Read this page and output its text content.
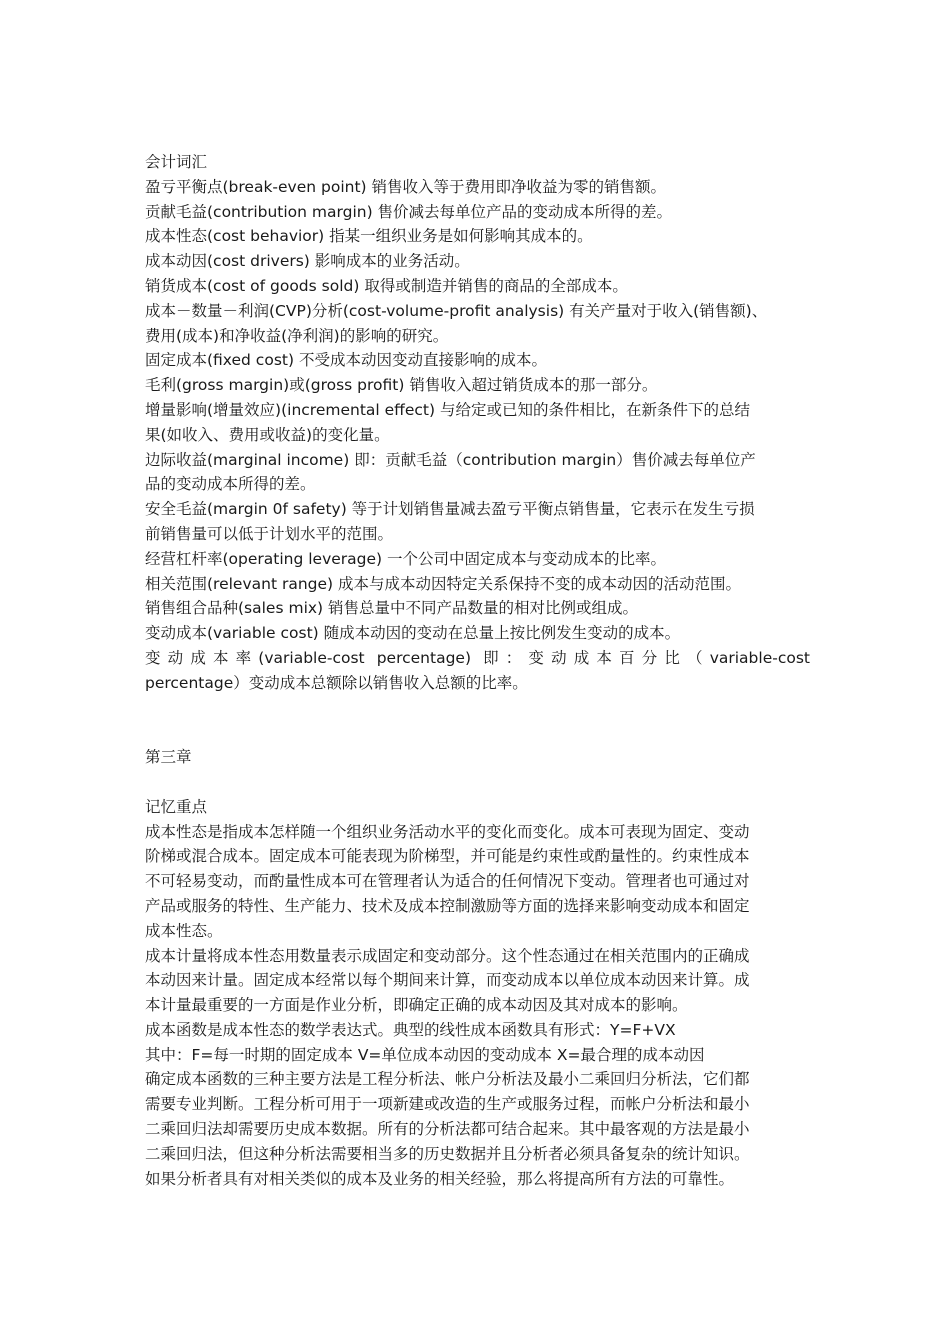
会计词汇
盈亏平衡点(break-even point) 销售收入等于费用即净收益为零的销售额。
贡献毛益(contribution margin) 售价减去每单位产品的变动成本所得的差。
成本性态(cost behavior) 指某一组织业务是如何影响其成本的。
成本动因(cost drivers) 影响成本的业务活动。
销货成本(cost of goods sold) 取得或制造并销售的商品的全部成本。
成本－数量－利润(CVP)分析(cost-volume-profit analysis) 有关产量对于收入(销售额)、
费用(成本)和净收益(净利润)的影响的研究。
固定成本(fixed cost) 不受成本动因变动直接影响的成本。
毛利(gross margin)或(gross profit) 销售收入超过销货成本的那一部分。
增量影响(增量效应)(incremental effect) 与给定或已知的条件相比，在新条件下的总结
果(如收入、费用或收益)的变化量。
边际收益(marginal income) 即：贡献毛益（contribution margin）售价减去每单位产
品的变动成本所得的差。
安全毛益(margin 0f safety) 等于计划销售量减去盈亏平衡点销售量，它表示在发生亏损
前销售量可以低于计划水平的范围。
经营杠杆率(operating leverage) 一个公司中固定成本与变动成本的比率。
相关范围(relevant range) 成本与成本动因特定关系保持不变的成本动因的活动范围。
销售组合品种(sales mix) 销售总量中不同产品数量的相对比例或组成。
变动成本(variable cost) 随成本动因的变动在总量上按比例发生变动的成本。
变动成本率(variable-cost percentage) 即：变动成本百分比（variable-cost
percentage）变动成本总额除以销售收入总额的比率。
第三章
记忆重点
成本性态是指成本怎样随一个组织业务活动水平的变化而变化。成本可表现为固定、变动
阶梯或混合成本。固定成本可能表现为阶梯型，并可能是约束性或酌量性的。约束性成本
不可轻易变动，而酌量性成本可在管理者认为适合的任何情况下变动。管理者也可通过对
产品或服务的特性、生产能力、技术及成本控制激励等方面的选择来影响变动成本和固定
成本性态。
成本计量将成本性态用数量表示成固定和变动部分。这个性态通过在相关范围内的正确成
本动因来计量。固定成本经常以每个期间来计算，而变动成本以单位成本动因来计算。成
本计量最重要的一方面是作业分析，即确定正确的成本动因及其对成本的影响。
成本函数是成本性态的数学表达式。典型的线性成本函数具有形式：Y=F+VX
其中：F=每一时期的固定成本 V=单位成本动因的变动成本 X=最合理的成本动因
确定成本函数的三种主要方法是工程分析法、帐户分析法及最小二乘回归分析法，它们都
需要专业判断。工程分析可用于一项新建或改造的生产或服务过程，而帐户分析法和最小
二乘回归法却需要历史成本数据。所有的分析法都可结合起来。其中最客观的方法是最小
二乘回归法，但这种分析法需要相当多的历史数据并且分析者必须具备复杂的统计知识。
如果分析者具有对相关类似的成本及业务的相关经验，那么将提高所有方法的可靠性。
